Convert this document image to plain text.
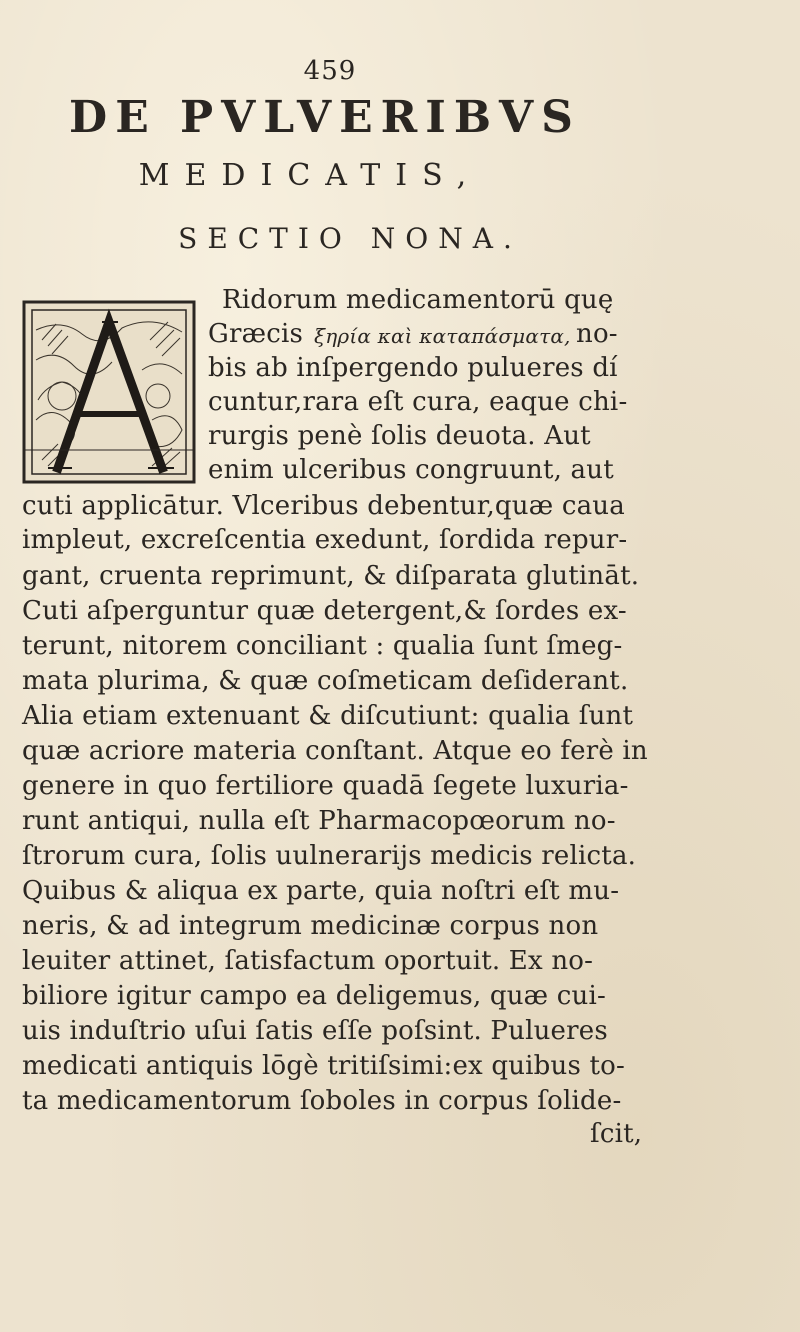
459
DE PVLVERIBVS
MEDICATIS,
SECTIO NONA.
Ridorum medicamentorū quę
Græcis ξηρία καὶ καταπάσματα, no-
bis ab inſpergendo pulueres dí
cuntur,rara eſt cura, eaque chi-
rurgis penè ſolis deuota. Aut
enim ulceribus congruunt, aut
cuti applicātur. Vlceribus debentur,quæ caua
impleut, excreſcentia exedunt, ſordida repur-
gant, cruenta reprimunt, & diſparata glutināt.
Cuti aſperguntur quæ detergent,& ſordes ex-
terunt, nitorem conciliant : qualia ſunt ſmeg-
mata plurima, & quæ coſmeticam deſiderant.
Alia etiam extenuant & diſcutiunt: qualia ſunt
quæ acriore materia conſtant. Atque eo ferè in
genere in quo fertiliore quadā ſegete luxuria-
runt antiqui, nulla eſt Pharmacopœorum no-
ſtrorum cura, ſolis uulnerarijs medicis relicta.
Quibus & aliqua ex parte, quia noſtri eſt mu-
neris, & ad integrum medicinæ corpus non
leuiter attinet, ſatisfactum oportuit. Ex no-
biliore igitur campo ea deligemus, quæ cui-
uis induſtrio uſui ſatis eſſe poſsint. Pulueres
medicati antiquis lōgè tritiſsimi:ex quibus to-
ta medicamentorum ſoboles in corpus ſolide-
ſcit,
